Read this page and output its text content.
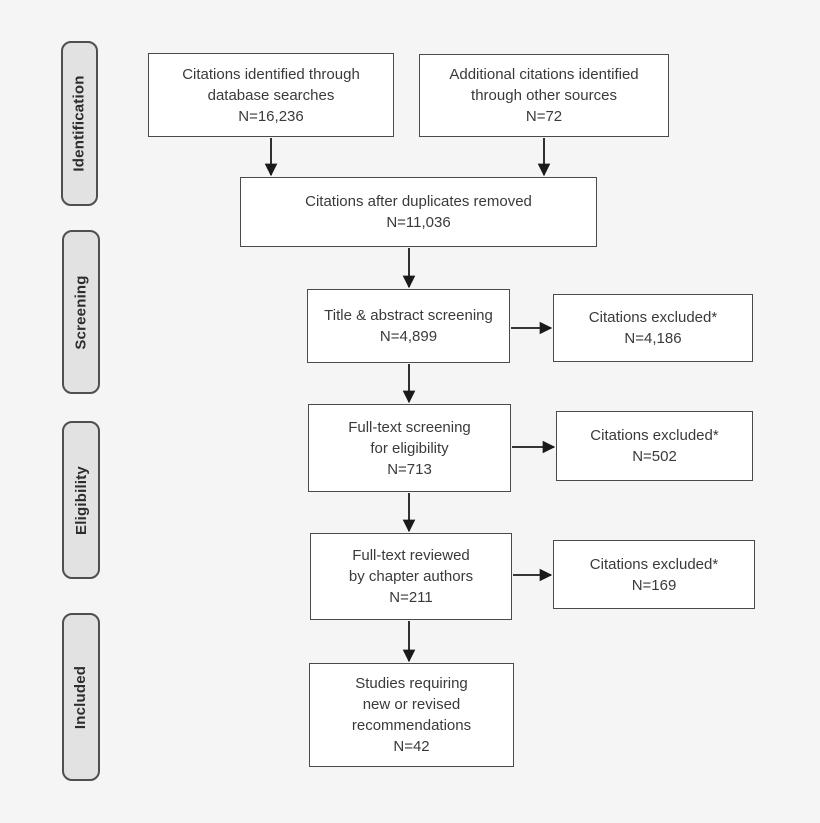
Identification
Screening
Eligibility
Included
Citations identified through
database searches
N=16,236
Additional citations identified
through other sources
N=72
Citations after duplicates removed
N=11,036
Title & abstract screening
N=4,899
Citations excluded*
N=4,186
Full-text screening
for eligibility
N=713
Citations excluded*
N=502
Full-text reviewed
by chapter authors
N=211
Citations excluded*
N=169
Studies requiring
new or revised
recommendations
N=42
